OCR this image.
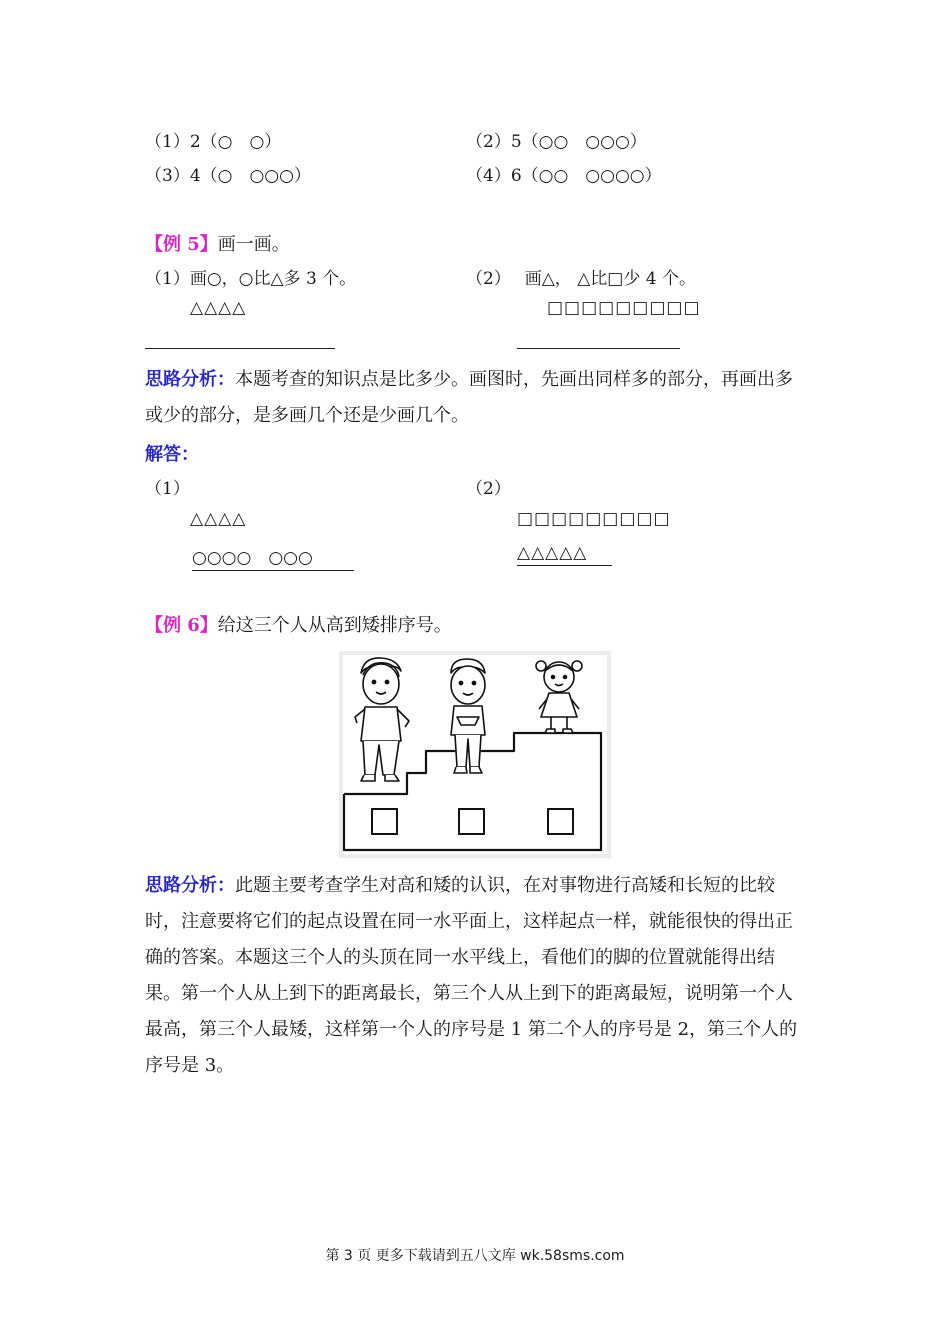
（1）2（○　○）	（2）5（○○　○○○）
（3）4（○　○○○）	（4）6（○○　○○○○）
【例 5】画一画。
（1）画○，○比△多 3 个。	（2）　 画△， △比□少 4 个。
△△△△	□□□□□□□□□
思路分析：本题考查的知识点是比多少。画图时，先画出同样多的部分，再画出多或少的部分，是多画几个还是少画几个。
解答：
（1）	（2）
△△△△	□□□□□□□□□
○○○○　○○○	△△△△△
【例 6】给这三个人从高到矮排序号。
思路分析：此题主要考查学生对高和矮的认识，在对事物进行高矮和长短的比较时，注意要将它们的起点设置在同一水平面上，这样起点一样，就能很快的得出正确的答案。本题这三个人的头顶在同一水平线上，看他们的脚的位置就能得出结果。第一个人从上到下的距离最长，第三个人从上到下的距离最短，说明第一个人最高，第三个人最矮，这样第一个人的序号是 1 第二个人的序号是 2，第三个人的序号是 3。
第 3 页 更多下载请到五八文库 wk.58sms.com
